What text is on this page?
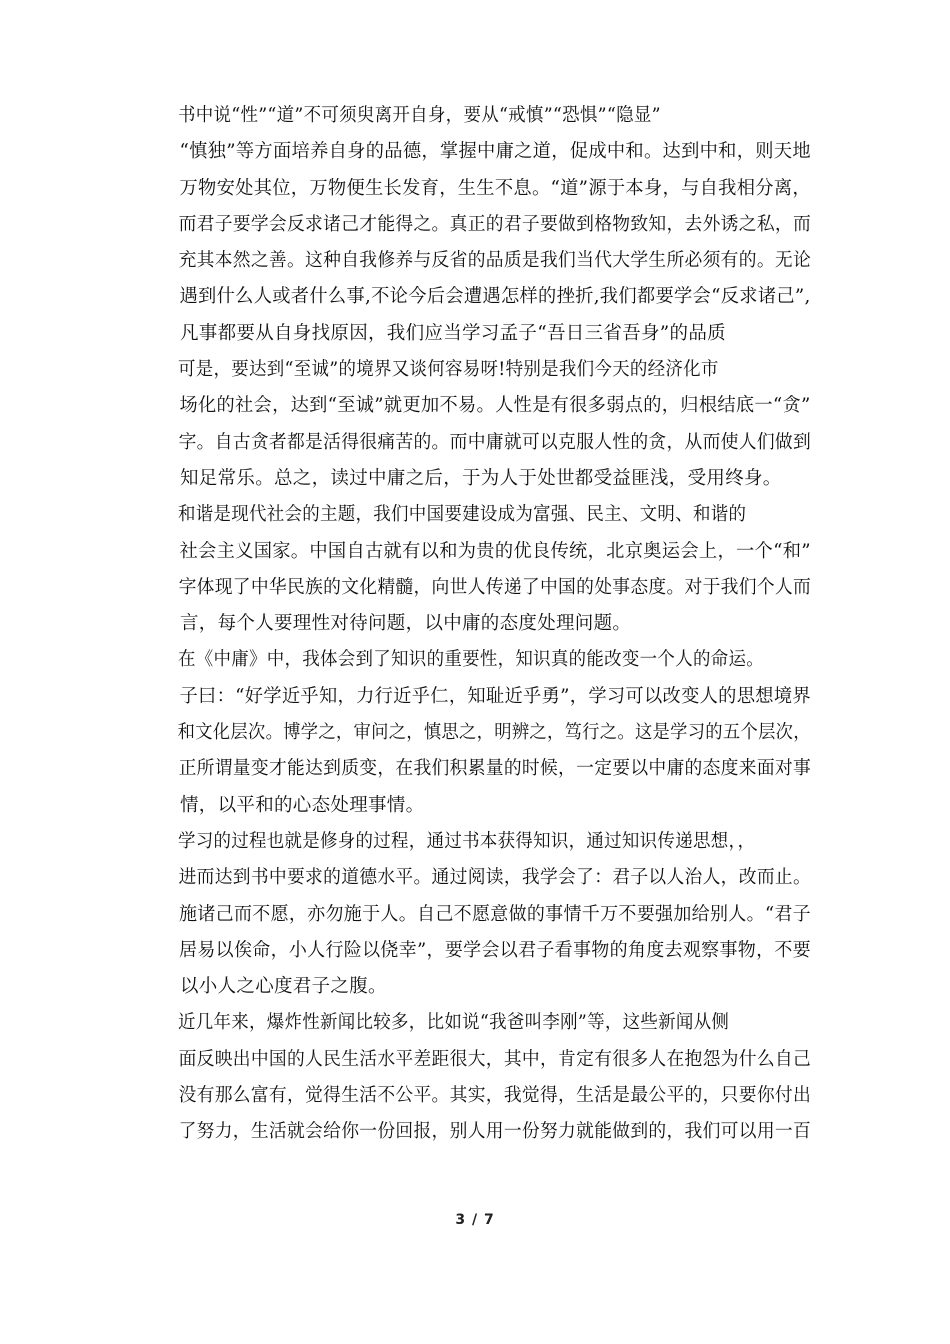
书中说“性”“道”不可须臾离开自身，要从“戒慎”“恐惧”“隐显”
“慎独”等方面培养自身的品德，掌握中庸之道，促成中和。达到中和，则天地
万物安处其位，万物便生长发育，生生不息。“道”源于本身，与自我相分离，
而君子要学会反求诸己才能得之。真正的君子要做到格物致知，去外诱之私，而
充其本然之善。这种自我修养与反省的品质是我们当代大学生所必须有的。无论
遇到什么人或者什么事,不论今后会遭遇怎样的挫折,我们都要学会“反求诸己”,
凡事都要从自身找原因，我们应当学习孟子“吾日三省吾身”的品质

可是，要达到“至诚”的境界又谈何容易呀!特别是我们今天的经济化市
场化的社会，达到“至诚”就更加不易。人性是有很多弱点的，归根结底一“贪”
字。自古贪者都是活得很痛苦的。而中庸就可以克服人性的贪，从而使人们做到
知足常乐。总之，读过中庸之后，于为人于处世都受益匪浅，受用终身。

和谐是现代社会的主题，我们中国要建设成为富强、民主、文明、和谐的
社会主义国家。中国自古就有以和为贵的优良传统，北京奥运会上，一个“和”
字体现了中华民族的文化精髓，向世人传递了中国的处事态度。对于我们个人而
言，每个人要理性对待问题，以中庸的态度处理问题。

在《中庸》中，我体会到了知识的重要性，知识真的能改变一个人的命运。
子曰：“好学近乎知，力行近乎仁，知耻近乎勇”，学习可以改变人的思想境界
和文化层次。博学之，审问之，慎思之，明辨之，笃行之。这是学习的五个层次，
正所谓量变才能达到质变，在我们积累量的时候，一定要以中庸的态度来面对事
情，以平和的心态处理事情。

学习的过程也就是修身的过程，通过书本获得知识，通过知识传递思想，，
进而达到书中要求的道德水平。通过阅读，我学会了：君子以人治人，改而止。
施诸己而不愿，亦勿施于人。自己不愿意做的事情千万不要强加给别人。“君子
居易以俟命，小人行险以侥幸”，要学会以君子看事物的角度去观察事物，不要
以小人之心度君子之腹。

近几年来，爆炸性新闻比较多，比如说“我爸叫李刚”等，这些新闻从侧
面反映出中国的人民生活水平差距很大，其中，肯定有很多人在抱怨为什么自己
没有那么富有，觉得生活不公平。其实，我觉得，生活是最公平的，只要你付出
了努力，生活就会给你一份回报，别人用一份努力就能做到的，我们可以用一百

3 / 7
